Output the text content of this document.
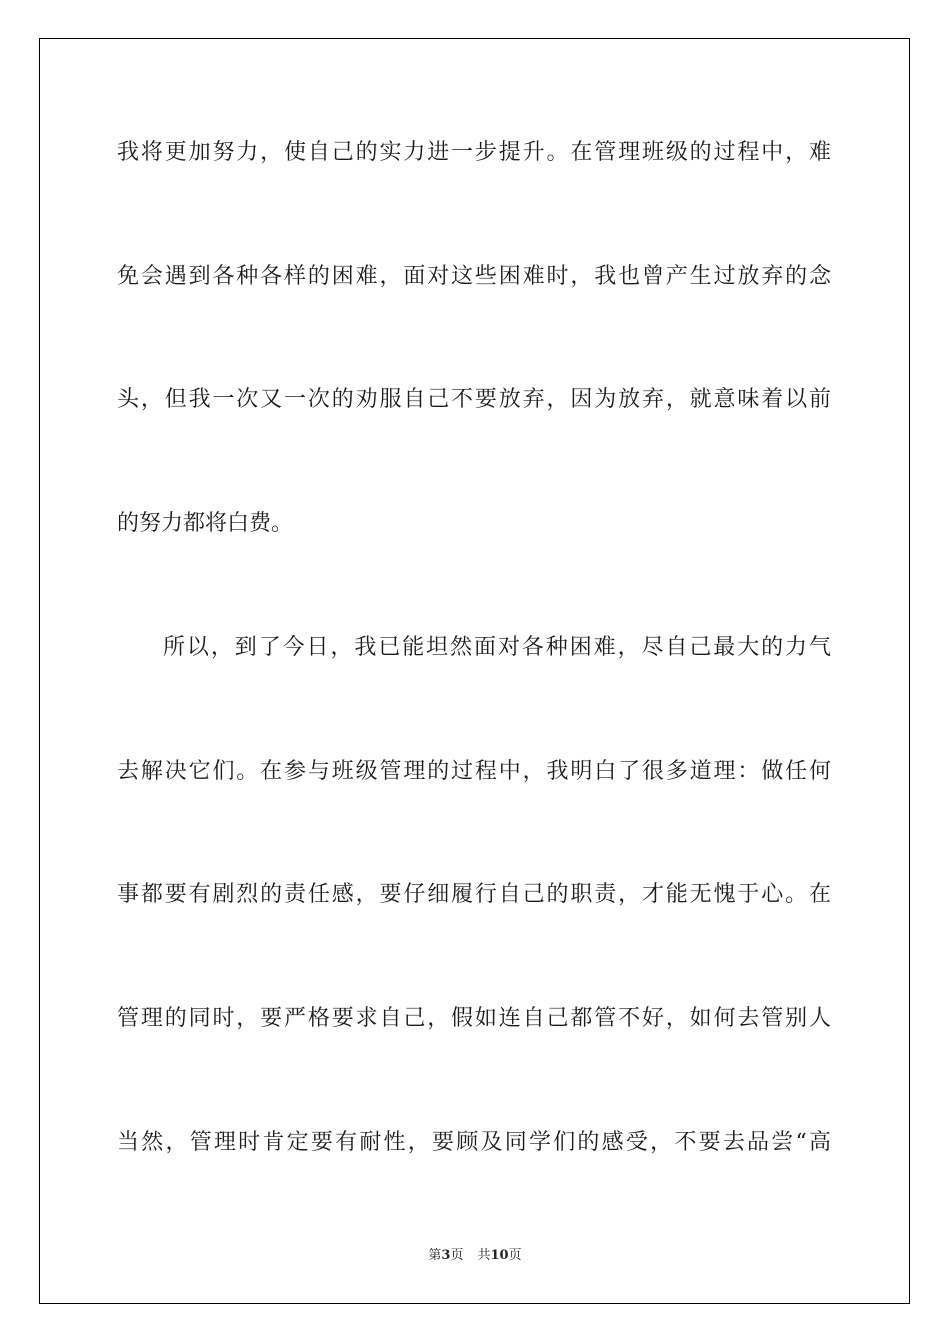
我将更加努力，使自己的实力进一步提升。在管理班级的过程中，难
免会遇到各种各样的困难，面对这些困难时，我也曾产生过放弃的念
头，但我一次又一次的劝服自己不要放弃，因为放弃，就意味着以前
的努力都将白费。
所以，到了今日，我已能坦然面对各种困难，尽自己最大的力气
去解决它们。在参与班级管理的过程中，我明白了很多道理：做任何
事都要有剧烈的责任感，要仔细履行自己的职责，才能无愧于心。在
管理的同时，要严格要求自己，假如连自己都管不好，如何去管别人
当然，管理时肯定要有耐性，要顾及同学们的感受，不要去品尝“高
第3页 共10页
